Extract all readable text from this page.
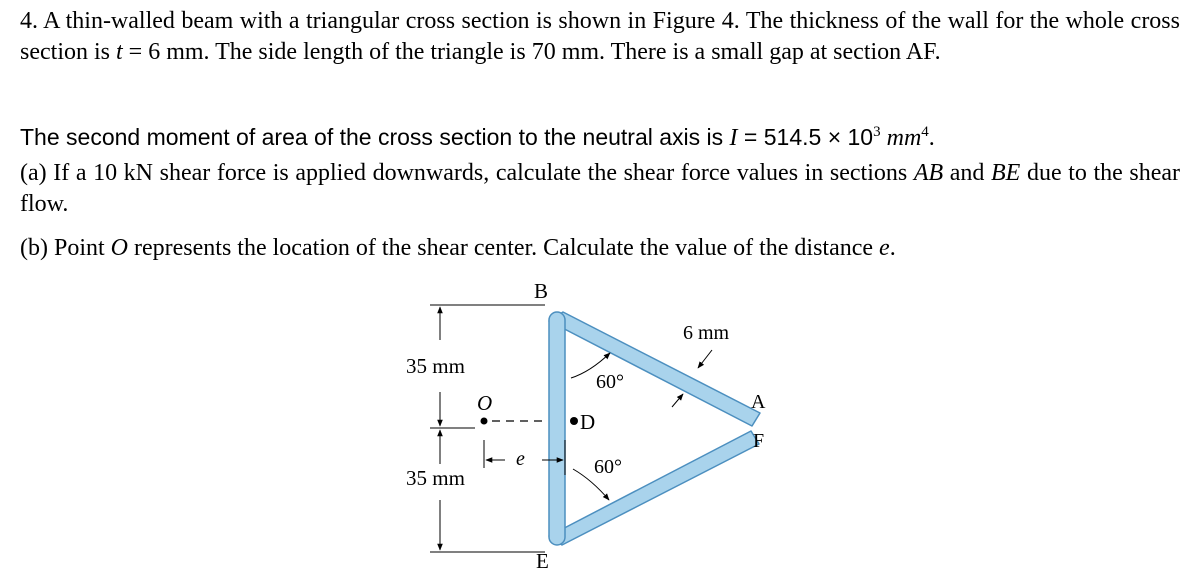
4. A thin-walled beam with a triangular cross section is shown in Figure 4. The thickness of the wall for the whole cross section is t = 6 mm. The side length of the triangle is 70 mm. There is a small gap at section AF.

The second moment of area of the cross section to the neutral axis is $I = 514.5 \times 10^3$ $mm^4$.

(a) If a 10 kN shear force is applied downwards, calculate the shear force values in sections AB and BE due to the shear flow.

(b) Point O represents the location of the shear center. Calculate the value of the distance e.

35 mm
35 mm
O
D
e
60°
60°
6 mm
B
E
A
F
